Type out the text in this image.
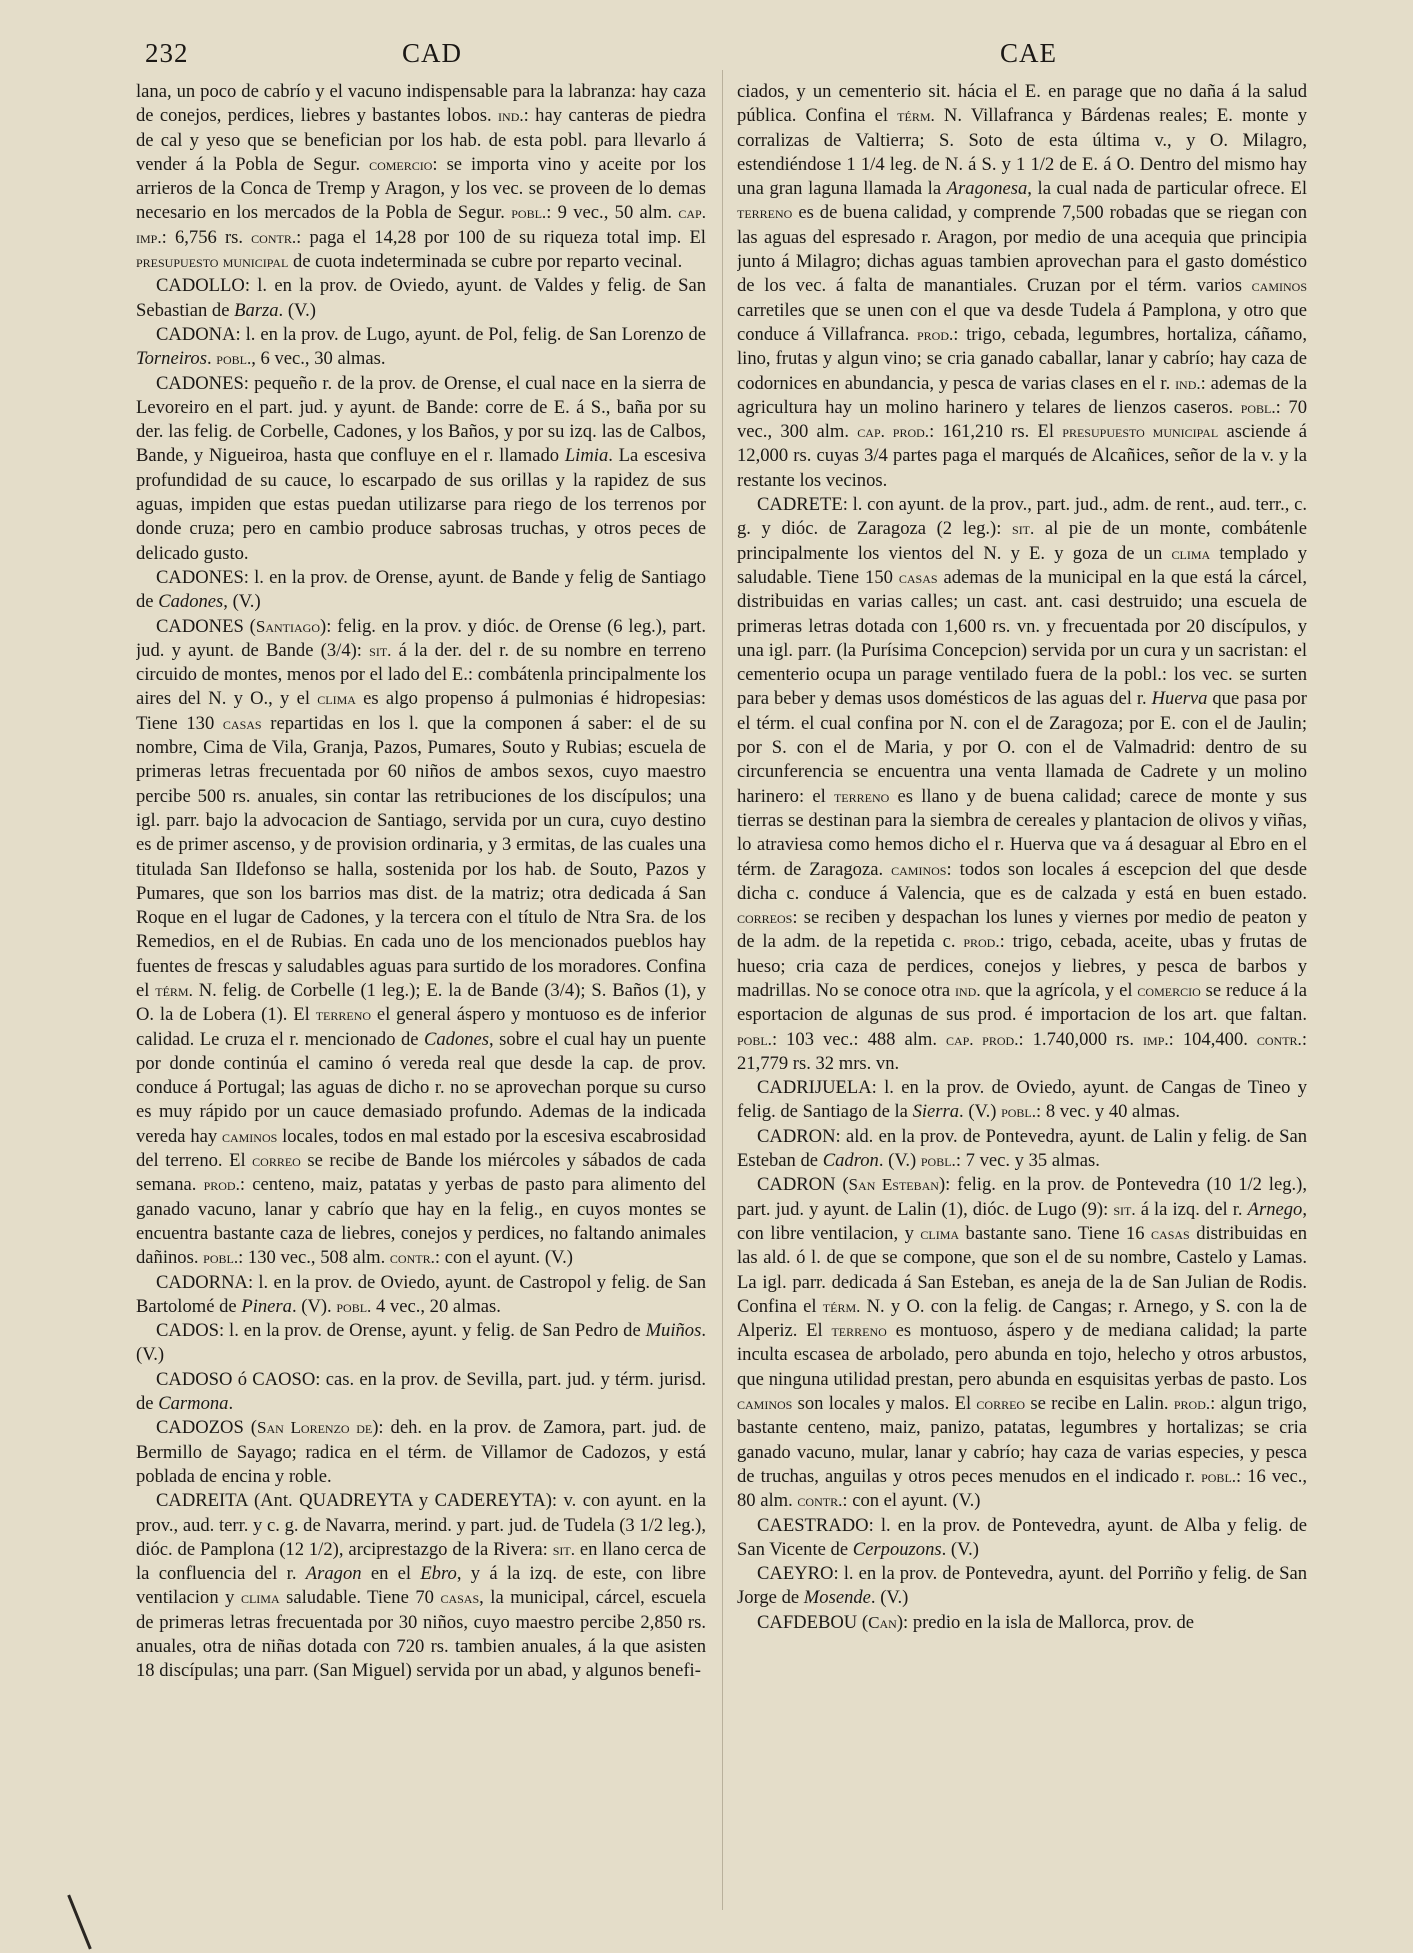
232	CAD	CAE

lana, un poco de cabrío y el vacuno indispensable para la labranza: hay caza de conejos, perdices, liebres y bastantes lobos. ind.: hay canteras de piedra de cal y yeso que se benefician por los hab. de esta pobl. para llevarlo á vender á la Pobla de Segur. comercio: se importa vino y aceite por los arrieros de la Conca de Tremp y Aragon, y los vec. se proveen de lo demas necesario en los mercados de la Pobla de Segur. pobl.: 9 vec., 50 alm. cap. imp.: 6,756 rs. contr.: paga el 14,28 por 100 de su riqueza total imp. El presupuesto municipal de cuota indeterminada se cubre por reparto vecinal.

CADOLLO: l. en la prov. de Oviedo, ayunt. de Valdes y felig. de San Sebastian de Barza. (V.)

CADONA: l. en la prov. de Lugo, ayunt. de Pol, felig. de San Lorenzo de Torneiros. pobl., 6 vec., 30 almas.

CADONES: pequeño r. de la prov. de Orense, el cual nace en la sierra de Levoreiro en el part. jud. y ayunt. de Bande: corre de E. á S., baña por su der. las felig. de Corbelle, Cadones, y los Baños, y por su izq. las de Calbos, Bande, y Nigueiroa, hasta que confluye en el r. llamado Limia. La escesiva profundidad de su cauce, lo escarpado de sus orillas y la rapidez de sus aguas, impiden que estas puedan utilizarse para riego de los terrenos por donde cruza; pero en cambio produce sabrosas truchas, y otros peces de delicado gusto.

CADONES: l. en la prov. de Orense, ayunt. de Bande y felig de Santiago de Cadones, (V.)

CADONES (Santiago): felig. en la prov. y dióc. de Orense (6 leg.), part. jud. y ayunt. de Bande (3/4): sit. á la der. del r. de su nombre en terreno circuido de montes, menos por el lado del E.: combátenla principalmente los aires del N. y O., y el clima es algo propenso á pulmonias é hidropesias: Tiene 130 casas repartidas en los l. que la componen á saber: el de su nombre, Cima de Vila, Granja, Pazos, Pumares, Souto y Rubias; escuela de primeras letras frecuentada por 60 niños de ambos sexos, cuyo maestro percibe 500 rs. anuales, sin contar las retribuciones de los discípulos; una igl. parr. bajo la advocacion de Santiago, servida por un cura, cuyo destino es de primer ascenso, y de provision ordinaria, y 3 ermitas, de las cuales una titulada San Ildefonso se halla, sostenida por los hab. de Souto, Pazos y Pumares, que son los barrios mas dist. de la matriz; otra dedicada á San Roque en el lugar de Cadones, y la tercera con el título de Ntra Sra. de los Remedios, en el de Rubias. En cada uno de los mencionados pueblos hay fuentes de frescas y saludables aguas para surtido de los moradores. Confina el térm. N. felig. de Corbelle (1 leg.); E. la de Bande (3/4); S. Baños (1), y O. la de Lobera (1). El terreno el general áspero y montuoso es de inferior calidad. Le cruza el r. mencionado de Cadones, sobre el cual hay un puente por donde continúa el camino ó vereda real que desde la cap. de prov. conduce á Portugal; las aguas de dicho r. no se aprovechan porque su curso es muy rápido por un cauce demasiado profundo. Ademas de la indicada vereda hay caminos locales, todos en mal estado por la escesiva escabrosidad del terreno. El correo se recibe de Bande los miércoles y sábados de cada semana. prod.: centeno, maiz, patatas y yerbas de pasto para alimento del ganado vacuno, lanar y cabrío que hay en la felig., en cuyos montes se encuentra bastante caza de liebres, conejos y perdices, no faltando animales dañinos. pobl.: 130 vec., 508 alm. contr.: con el ayunt. (V.)

CADORNA: l. en la prov. de Oviedo, ayunt. de Castropol y felig. de San Bartolomé de Pinera. (V). pobl. 4 vec., 20 almas.

CADOS: l. en la prov. de Orense, ayunt. y felig. de San Pedro de Muiños. (V.)

CADOSO ó CAOSO: cas. en la prov. de Sevilla, part. jud. y térm. jurisd. de Carmona.

CADOZOS (San Lorenzo de): deh. en la prov. de Zamora, part. jud. de Bermillo de Sayago; radica en el térm. de Villamor de Cadozos, y está poblada de encina y roble.

CADREITA (Ant. QUADREYTA y CADEREYTA): v. con ayunt. en la prov., aud. terr. y c. g. de Navarra, merind. y part. jud. de Tudela (3 1/2 leg.), dióc. de Pamplona (12 1/2), arciprestazgo de la Rivera: sit. en llano cerca de la confluencia del r. Aragon en el Ebro, y á la izq. de este, con libre ventilacion y clima saludable. Tiene 70 casas, la municipal, cárcel, escuela de primeras letras frecuentada por 30 niños, cuyo maestro percibe 2,850 rs. anuales, otra de niñas dotada con 720 rs. tambien anuales, á la que asisten 18 discípulas; una parr. (San Miguel) servida por un abad, y algunos benefi-

ciados, y un cementerio sit. hácia el E. en parage que no daña á la salud pública. Confina el térm. N. Villafranca y Bárdenas reales; E. monte y corralizas de Valtierra; S. Soto de esta última v., y O. Milagro, estendiéndose 1 1/4 leg. de N. á S. y 1 1/2 de E. á O. Dentro del mismo hay una gran laguna llamada la Aragonesa, la cual nada de particular ofrece. El terreno es de buena calidad, y comprende 7,500 robadas que se riegan con las aguas del espresado r. Aragon, por medio de una acequia que principia junto á Milagro; dichas aguas tambien aprovechan para el gasto doméstico de los vec. á falta de manantiales. Cruzan por el térm. varios caminos carretiles que se unen con el que va desde Tudela á Pamplona, y otro que conduce á Villafranca. prod.: trigo, cebada, legumbres, hortaliza, cáñamo, lino, frutas y algun vino; se cria ganado caballar, lanar y cabrío; hay caza de codornices en abundancia, y pesca de varias clases en el r. ind.: ademas de la agricultura hay un molino harinero y telares de lienzos caseros. pobl.: 70 vec., 300 alm. cap. prod.: 161,210 rs. El presupuesto municipal asciende á 12,000 rs. cuyas 3/4 partes paga el marqués de Alcañices, señor de la v. y la restante los vecinos.

CADRETE: l. con ayunt. de la prov., part. jud., adm. de rent., aud. terr., c. g. y dióc. de Zaragoza (2 leg.): sit. al pie de un monte, combátenle principalmente los vientos del N. y E. y goza de un clima templado y saludable. Tiene 150 casas ademas de la municipal en la que está la cárcel, distribuidas en varias calles; un cast. ant. casi destruido; una escuela de primeras letras dotada con 1,600 rs. vn. y frecuentada por 20 discípulos, y una igl. parr. (la Purísima Concepcion) servida por un cura y un sacristan: el cementerio ocupa un parage ventilado fuera de la pobl.: los vec. se surten para beber y demas usos domésticos de las aguas del r. Huerva que pasa por el térm. el cual confina por N. con el de Zaragoza; por E. con el de Jaulin; por S. con el de Maria, y por O. con el de Valmadrid: dentro de su circunferencia se encuentra una venta llamada de Cadrete y un molino harinero: el terreno es llano y de buena calidad; carece de monte y sus tierras se destinan para la siembra de cereales y plantacion de olivos y viñas, lo atraviesa como hemos dicho el r. Huerva que va á desaguar al Ebro en el térm. de Zaragoza. caminos: todos son locales á escepcion del que desde dicha c. conduce á Valencia, que es de calzada y está en buen estado. correos: se reciben y despachan los lunes y viernes por medio de peaton y de la adm. de la repetida c. prod.: trigo, cebada, aceite, ubas y frutas de hueso; cria caza de perdices, conejos y liebres, y pesca de barbos y madrillas. No se conoce otra ind. que la agrícola, y el comercio se reduce á la esportacion de algunas de sus prod. é importacion de los art. que faltan. pobl.: 103 vec.: 488 alm. cap. prod.: 1.740,000 rs. imp.: 104,400. contr.: 21,779 rs. 32 mrs. vn.

CADRIJUELA: l. en la prov. de Oviedo, ayunt. de Cangas de Tineo y felig. de Santiago de la Sierra. (V.) pobl.: 8 vec. y 40 almas.

CADRON: ald. en la prov. de Pontevedra, ayunt. de Lalin y felig. de San Esteban de Cadron. (V.) pobl.: 7 vec. y 35 almas.

CADRON (San Esteban): felig. en la prov. de Pontevedra (10 1/2 leg.), part. jud. y ayunt. de Lalin (1), dióc. de Lugo (9): sit. á la izq. del r. Arnego, con libre ventilacion, y clima bastante sano. Tiene 16 casas distribuidas en las ald. ó l. de que se compone, que son el de su nombre, Castelo y Lamas. La igl. parr. dedicada á San Esteban, es aneja de la de San Julian de Rodis. Confina el térm. N. y O. con la felig. de Cangas; r. Arnego, y S. con la de Alperiz. El terreno es montuoso, áspero y de mediana calidad; la parte inculta escasea de arbolado, pero abunda en tojo, helecho y otros arbustos, que ninguna utilidad prestan, pero abunda en esquisitas yerbas de pasto. Los caminos son locales y malos. El correo se recibe en Lalin. prod.: algun trigo, bastante centeno, maiz, panizo, patatas, legumbres y hortalizas; se cria ganado vacuno, mular, lanar y cabrío; hay caza de varias especies, y pesca de truchas, anguilas y otros peces menudos en el indicado r. pobl.: 16 vec., 80 alm. contr.: con el ayunt. (V.)

CAESTRADO: l. en la prov. de Pontevedra, ayunt. de Alba y felig. de San Vicente de Cerpouzons. (V.)

CAEYRO: l. en la prov. de Pontevedra, ayunt. del Porriño y felig. de San Jorge de Mosende. (V.)

CAFDEBOU (Can): predio en la isla de Mallorca, prov. de
